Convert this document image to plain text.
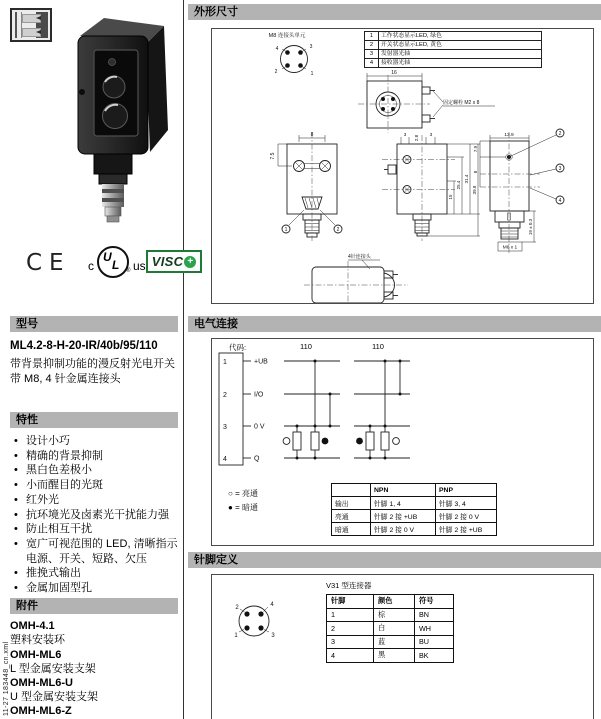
11-27 183448_cn.xml
CE c
U
L ® us VISC +
型号
ML4.2-8-H-20-IR/40b/95/110
带背景抑制功能的漫反射光电开关
带 M8, 4 针金属连接头
特性
• 设计小巧
• 精确的背景抑制
• 黑白色差极小
• 小而醒目的光斑
• 红外光
• 抗环境光及卤素光干扰能力强
• 防止相互干扰
• 宽广可视范围的 LED, 清晰指示电源、开关、短路、欠压
• 推挽式输出
• 金属加固型孔
附件
OMH-4.1
塑料安装环
OMH-ML6
L 型金属安装支架
OMH-ML6-U
U 型金属安装支架
OMH-ML6-Z
外形尺寸
1	工作状态显示LED, 绿色
2	开关状态显示LED, 黄色
3	发射器光轴
4	接收器光轴
M8 连接头单元
4	3
2	1	16
固定螺栓 M2 x 8
8
7.5
1	2
3
2.8
3
15
25.4
31.4
39.8
13.9
7.9
8
2
3
4
M8 x 1
19 ± 0.3
4针连接头
电气连接
代码:	110	110
1
2
3
4
+UB
I/O
0 V
Q
○ = 亮通
● = 暗通
	NPN	PNP
输出	针脚 1, 4	针脚 3, 4
亮通	针脚 2 接 +UB	针脚 2 接 0 V
暗通	针脚 2 接 0 V	针脚 2 接 +UB
针脚定义
2	4
1	3
V31 型连接器
针脚	颜色	符号
1	棕	BN
2	白	WH
3	蓝	BU
4	黑	BK
